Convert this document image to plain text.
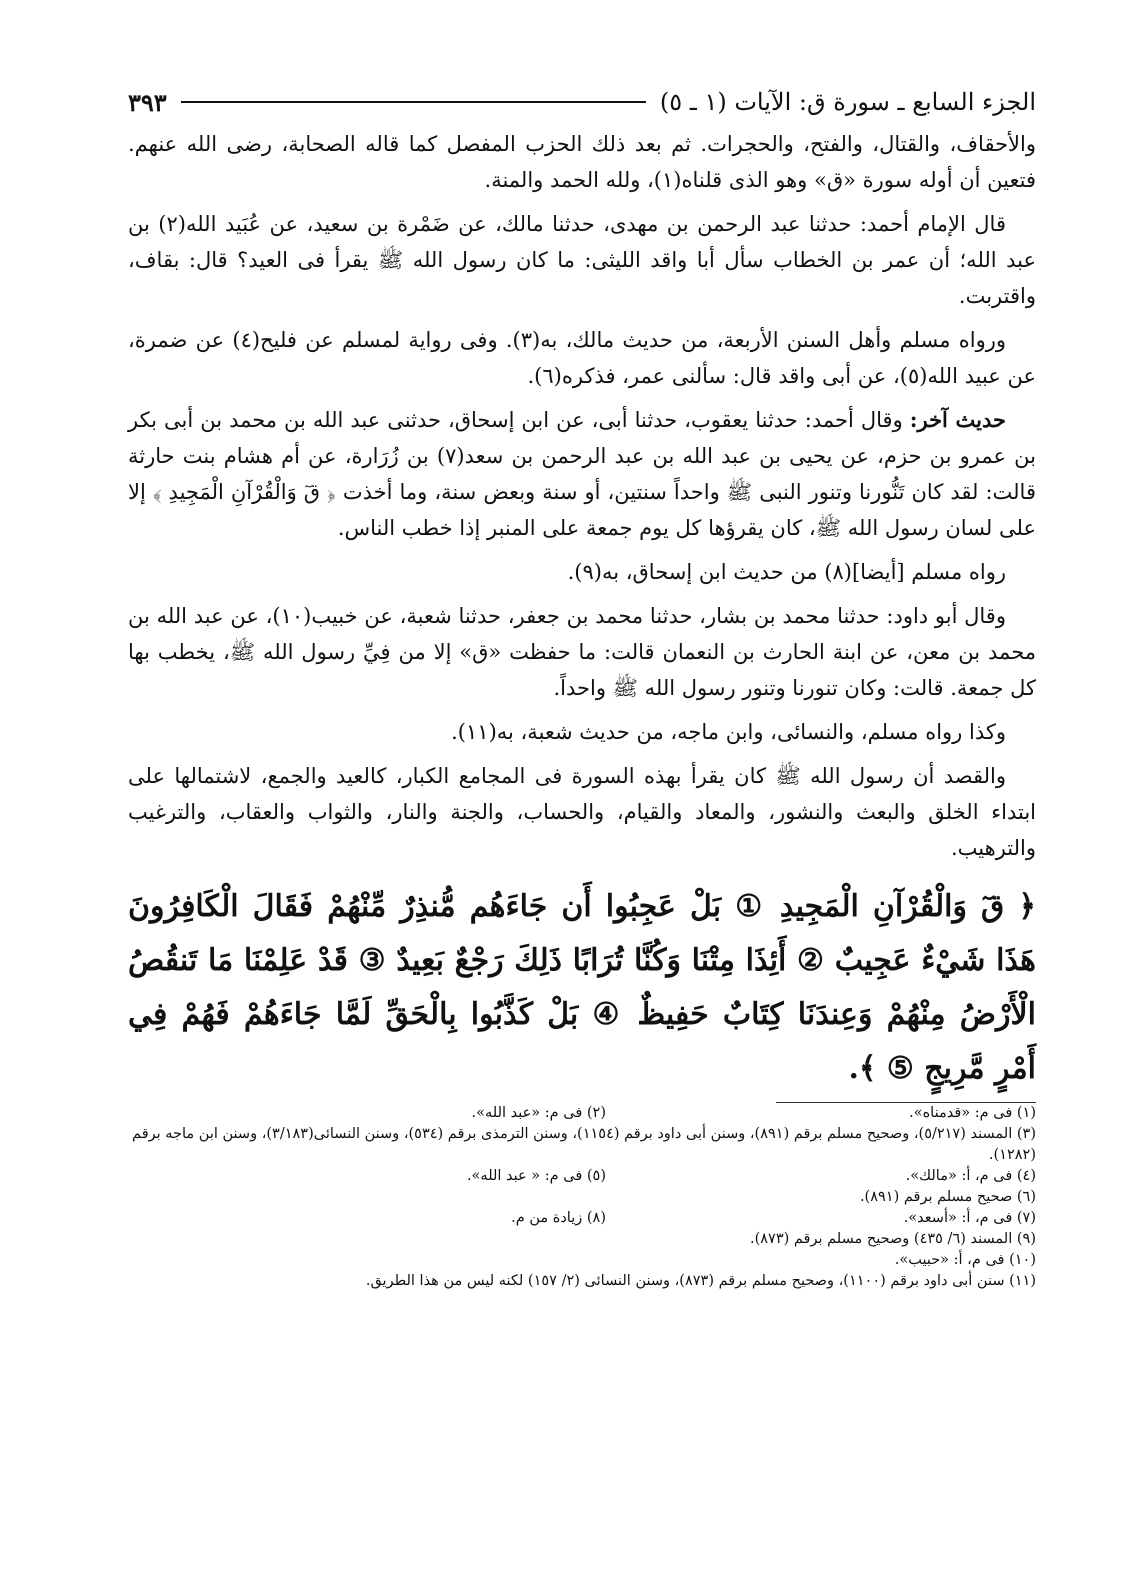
الجزء السابع ـ سورة ق: الآيات (١ ـ ٥)
٣٩٣

والأحقاف، والقتال، والفتح، والحجرات. ثم بعد ذلك الحزب المفصل كما قاله الصحابة، رضى الله عنهم. فتعين أن أوله سورة «ق» وهو الذى قلناه(١)، ولله الحمد والمنة.

قال الإمام أحمد: حدثنا عبد الرحمن بن مهدى، حدثنا مالك، عن ضَمْرة بن سعيد، عن عُبَيد الله(٢) بن عبد الله؛ أن عمر بن الخطاب سأل أبا واقد الليثى: ما كان رسول الله ﷺ يقرأ فى العيد؟ قال: بقاف، واقتربت.

ورواه مسلم وأهل السنن الأربعة، من حديث مالك، به(٣). وفى رواية لمسلم عن فليح(٤) عن ضمرة، عن عبيد الله(٥)، عن أبى واقد قال: سألنى عمر، فذكره(٦).

حديث آخر: وقال أحمد: حدثنا يعقوب، حدثنا أبى، عن ابن إسحاق، حدثنى عبد الله بن محمد بن أبى بكر بن عمرو بن حزم، عن يحيى بن عبد الله بن عبد الرحمن بن سعد(٧) بن زُرَارة، عن أم هشام بنت حارثة قالت: لقد كان تَنُّورنا وتنور النبى ﷺ واحداً سنتين، أو سنة وبعض سنة، وما أخذت ﴿ قٓ وَالْقُرْآنِ الْمَجِيدِ ﴾ إلا على لسان رسول الله ﷺ، كان يقرؤها كل يوم جمعة على المنبر إذا خطب الناس.

رواه مسلم [أيضا](٨) من حديث ابن إسحاق، به(٩).

وقال أبو داود: حدثنا محمد بن بشار، حدثنا محمد بن جعفر، حدثنا شعبة، عن خبيب(١٠)، عن عبد الله بن محمد بن معن، عن ابنة الحارث بن النعمان قالت: ما حفظت «ق» إلا من فِيِّ رسول الله ﷺ، يخطب بها كل جمعة. قالت: وكان تنورنا وتنور رسول الله ﷺ واحداً.

وكذا رواه مسلم، والنسائى، وابن ماجه، من حديث شعبة، به(١١).

والقصد أن رسول الله ﷺ كان يقرأ بهذه السورة فى المجامع الكبار، كالعيد والجمع، لاشتمالها على ابتداء الخلق والبعث والنشور، والمعاد والقيام، والحساب، والجنة والنار، والثواب والعقاب، والترغيب والترهيب.

﴿ قٓ وَالْقُرْآنِ الْمَجِيدِ ① بَلْ عَجِبُوا أَن جَاءَهُم مُّنذِرٌ مِّنْهُمْ فَقَالَ الْكَافِرُونَ هَذَا شَيْءٌ عَجِيبٌ ② أَئِذَا مِتْنَا وَكُنَّا تُرَابًا ذَلِكَ رَجْعٌ بَعِيدٌ ③ قَدْ عَلِمْنَا مَا تَنقُصُ الْأَرْضُ مِنْهُمْ وَعِندَنَا كِتَابٌ حَفِيظٌ ④ بَلْ كَذَّبُوا بِالْحَقِّ لَمَّا جَاءَهُمْ فَهُمْ فِي أَمْرٍ مَّرِيجٍ ⑤ ﴾.
(١) فى م: «قدمناه».
(٢) فى م: «عبد الله».
(٣) المسند (٥/٢١٧)، وصحيح مسلم برقم (٨٩١)، وسنن أبى داود برقم (١١٥٤)، وسنن الترمذى برقم (٥٣٤)، وسنن النسائى(٣/١٨٣)، وسنن ابن ماجه برقم (١٢٨٢).
(٤) فى م، أ: «مالك».
(٥) فى م: « عبد الله».
(٦) صحيح مسلم برقم (٨٩١).
(٧) فى م، أ: «أسعد».
(٨) زيادة من م.
(٩) المسند (٦/ ٤٣٥) وصحيح مسلم برقم (٨٧٣).
(١٠) فى م، أ: «حبيب».
(١١) سنن أبى داود برقم (١١٠٠)، وصحيح مسلم برقم (٨٧٣)، وسنن النسائى (٢/ ١٥٧) لكنه ليس من هذا الطريق.
